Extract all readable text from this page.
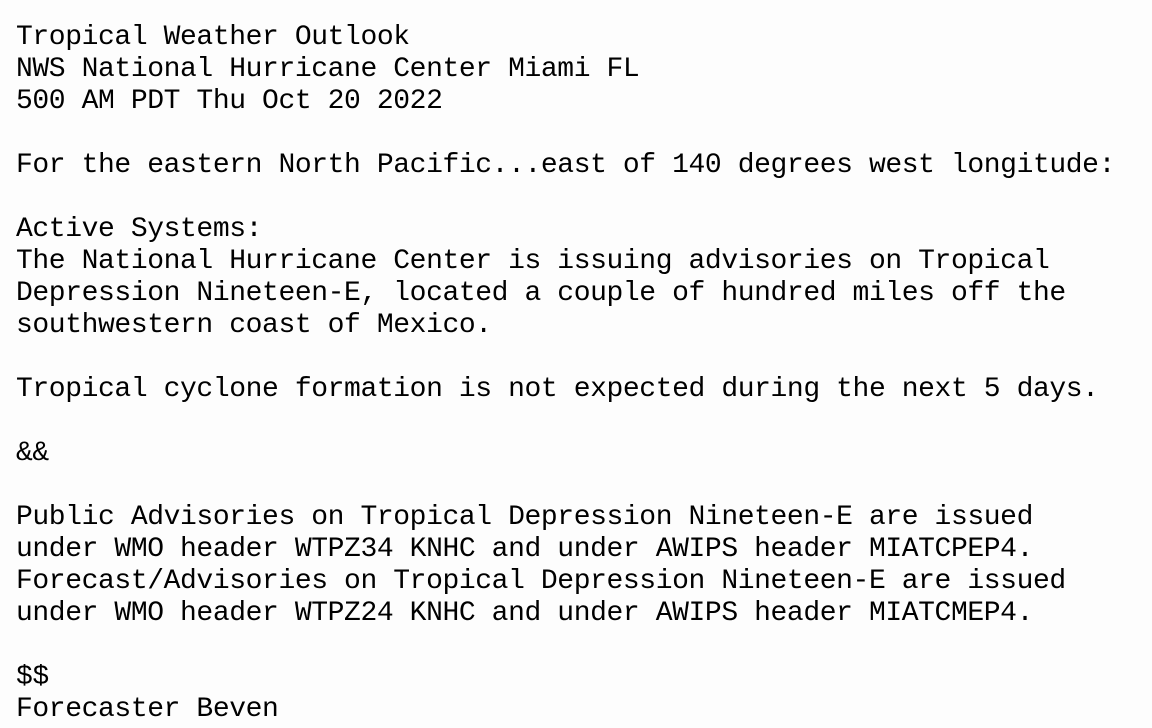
Tropical Weather Outlook
NWS National Hurricane Center Miami FL
500 AM PDT Thu Oct 20 2022
For the eastern North Pacific...east of 140 degrees west longitude:
Active Systems:
The National Hurricane Center is issuing advisories on Tropical
Depression Nineteen-E, located a couple of hundred miles off the
southwestern coast of Mexico.
Tropical cyclone formation is not expected during the next 5 days.
&&
Public Advisories on Tropical Depression Nineteen-E are issued
under WMO header WTPZ34 KNHC and under AWIPS header MIATCPEP4.
Forecast/Advisories on Tropical Depression Nineteen-E are issued
under WMO header WTPZ24 KNHC and under AWIPS header MIATCMEP4.
$$
Forecaster Beven
